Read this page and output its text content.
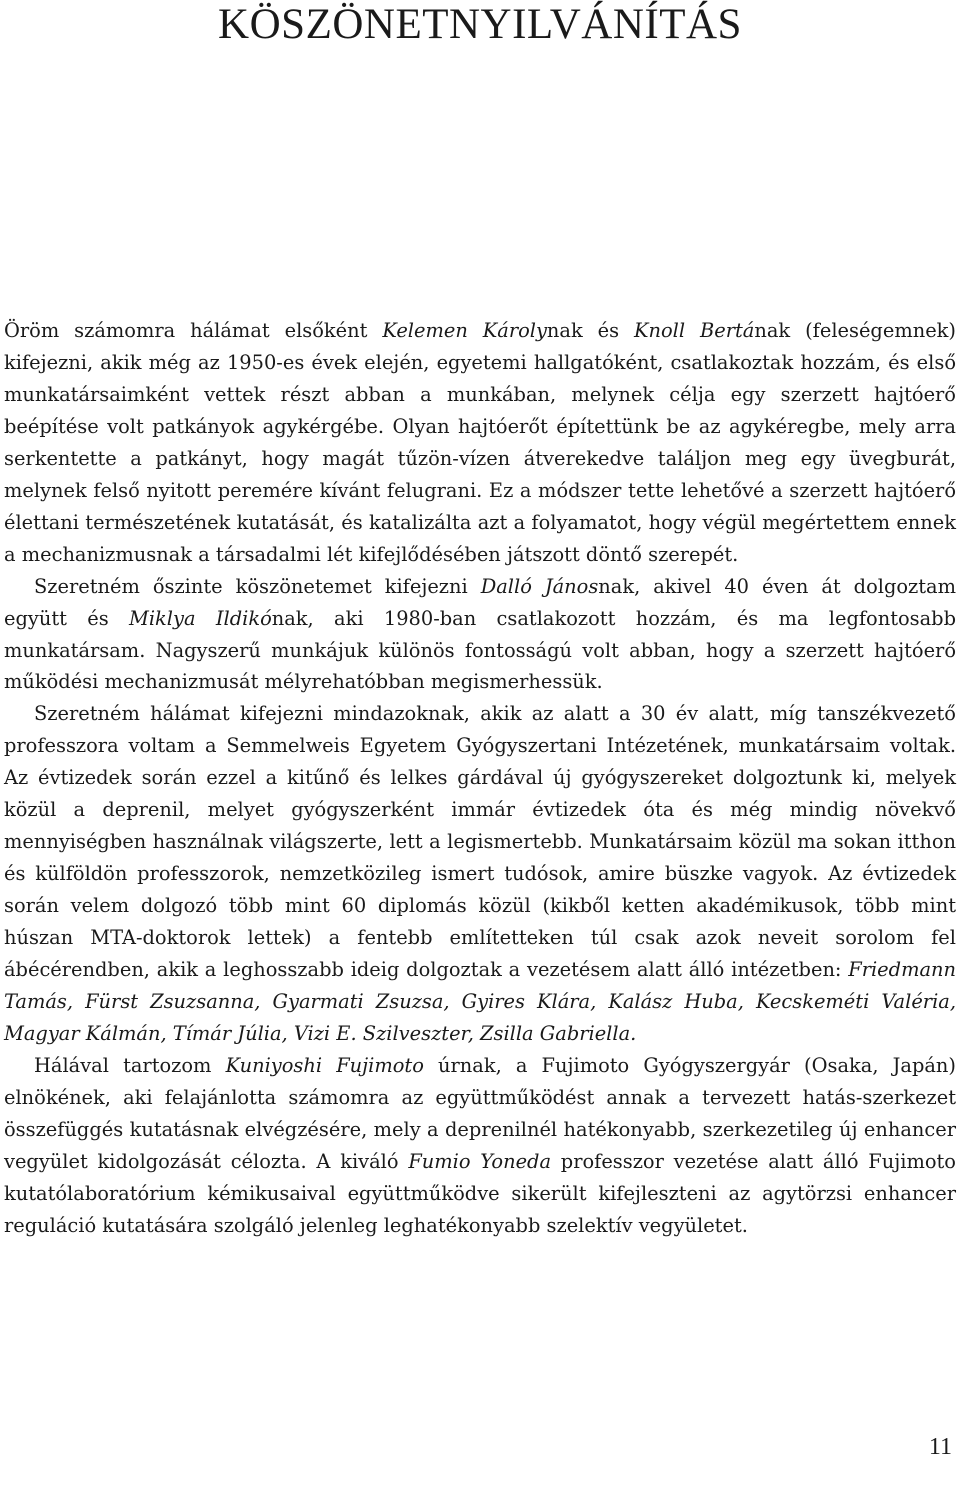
KÖSZÖNETNYILVÁNÍTÁS

Öröm számomra hálámat elsőként Kelemen Károlynak és Knoll Bertának (feleségemnek) kifejezni, akik még az 1950-es évek elején, egyetemi hallgatóként, csatlakoztak hozzám, és első munkatársaimként vettek részt abban a munkában, melynek célja egy szerzett hajtóerő beépítése volt patkányok agykérgébe. Olyan hajtóerőt építettünk be az agykéregbe, mely arra serkentette a patkányt, hogy magát tűzön-vízen átverekedve találjon meg egy üvegburát, melynek felső nyitott peremére kívánt felugrani. Ez a módszer tette lehetővé a szerzett hajtóerő élettani természetének kutatását, és katalizálta azt a folyamatot, hogy végül megértettem ennek a mechanizmusnak a társadalmi lét kifejlődésében játszott döntő szerepét.

Szeretném őszinte köszönetemet kifejezni Dalló Jánosnak, akivel 40 éven át dolgoztam együtt és Miklya Ildikónak, aki 1980-ban csatlakozott hozzám, és ma legfontosabb munkatársam. Nagyszerű munkájuk különös fontosságú volt abban, hogy a szerzett hajtóerő működési mechanizmusát mélyrehatóbban megismerhessük.

Szeretném hálámat kifejezni mindazoknak, akik az alatt a 30 év alatt, míg tanszékvezető professzora voltam a Semmelweis Egyetem Gyógyszertani Intézetének, munkatársaim voltak. Az évtizedek során ezzel a kitűnő és lelkes gárdával új gyógyszereket dolgoztunk ki, melyek közül a deprenil, melyet gyógyszerként immár évtizedek óta és még mindig növekvő mennyiségben használnak világszerte, lett a legismertebb. Munkatársaim közül ma sokan itthon és külföldön professzorok, nemzetközileg ismert tudósok, amire büszke vagyok. Az évtizedek során velem dolgozó több mint 60 diplomás közül (kikből ketten akadémikusok, több mint húszan MTA-doktorok lettek) a fentebb említetteken túl csak azok neveit sorolom fel ábécérendben, akik a leghosszabb ideig dolgoztak a vezetésem alatt álló intézetben: Friedmann Tamás, Fürst Zsuzsanna, Gyarmati Zsuzsa, Gyires Klára, Kalász Huba, Kecskeméti Valéria, Magyar Kálmán, Tímár Júlia, Vizi E. Szilveszter, Zsilla Gabriella.

Hálával tartozom Kuniyoshi Fujimoto úrnak, a Fujimoto Gyógyszergyár (Osaka, Japán) elnökének, aki felajánlotta számomra az együttműködést annak a tervezett hatás-szerkezet összefüggés kutatásnak elvégzésére, mely a deprenilnél hatékonyabb, szerkezetileg új enhancer vegyület kidolgozását célozta. A kiváló Fumio Yoneda professzor vezetése alatt álló Fujimoto kutatólaboratórium kémikusaival együttműködve sikerült kifejleszteni az agytörzsi enhancer reguláció kutatására szolgáló jelenleg leghatékonyabb szelektív vegyületet.

11
